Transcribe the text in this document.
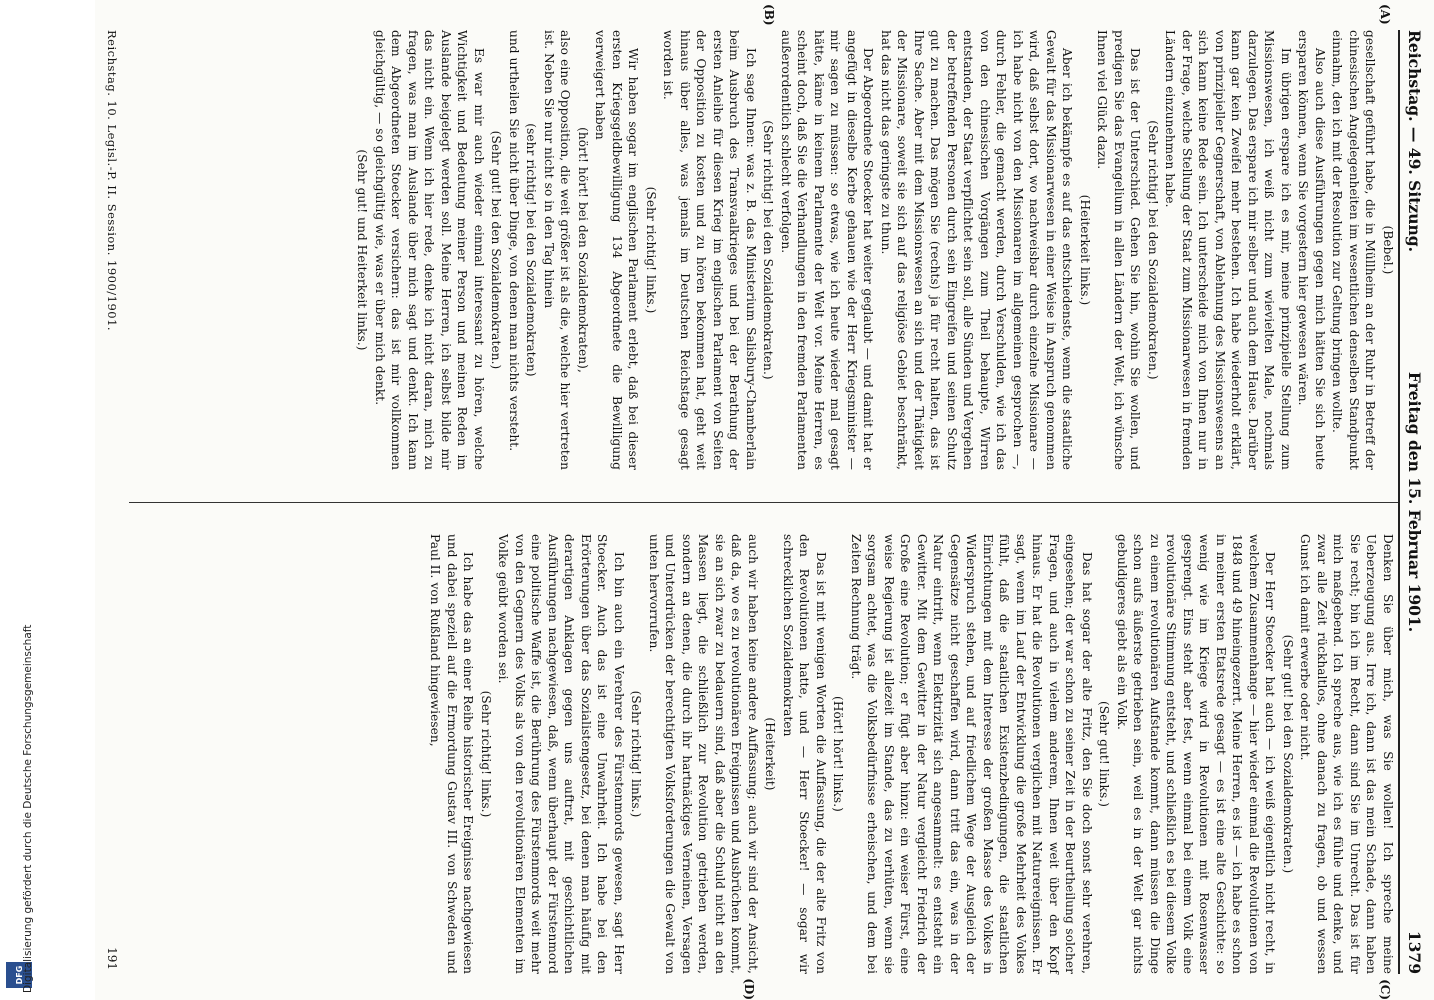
DFG
Digitalisierung gefördert durch die Deutsche Forschungsgemeinschaft
Reichstag. — 49. Sitzung.
Freitag den 15. Februar 1901.
1379
(A)
(B)
(C)
(D)

(Bebel.)

gesellschaft geführt habe, die in Müllheim an der Ruhr in Betreff der chinesischen Angelegenheiten im wesentlichen denselben Standpunkt einnahm, den ich mit der Resolution zur Geltung bringen wollte.

Also auch diese Ausführungen gegen mich hätten Sie sich heute ersparen können, wenn Sie vorgestern hier gewesen wären.

Im übrigen erspare ich es mir, meine prinzipielle Stellung zum Missionswesen, ich weiß nicht zum wievielten Male, nochmals darzulegen. Das erspare ich mir selber und auch dem Hause. Darüber kann gar kein Zweifel mehr bestehen. Ich habe wiederholt erklärt, von prinzipieller Gegnerschaft, von Ablehnung des Missionswesens an sich kann keine Rede sein. Ich unterscheide mich von Ihnen nur in der Frage, welche Stellung der Staat zum Missionarwesen in fremden Ländern einzunehmen habe.

(Sehr richtig! bei den Sozialdemokraten.)

Das ist der Unterschied. Gehen Sie hin, wohin Sie wollen, und predigen Sie das Evangelium in allen Ländern der Welt, ich wünsche Ihnen viel Glück dazu.

(Heiterkeit links.)

Aber ich bekämpfe es auf das entschiedenste, wenn die staatliche Gewalt für das Missionarwesen in einer Weise in Anspruch genommen wird, daß selbst dort, wo nachweisbar durch einzelne Missionare — ich habe nicht von den Missionaren im allgemeinen gesprochen —, durch Fehler, die gemacht werden, durch Verschulden, wie ich das von den chinesischen Vorgängen zum Theil behaupte, Wirren entstanden, der Staat verpflichtet sein soll, alle Sünden und Vergehen der betreffenden Personen durch sein Eingreifen und seinen Schutz gut zu machen. Das mögen Sie (rechts) ja für recht halten, das ist Ihre Sache. Aber mit dem Missionswesen an sich und der Thätigkeit der Missionare, soweit sie sich auf das religiöse Gebiet beschränkt, hat das nicht das geringste zu thun.

Der Abgeordnete Stoecker hat weiter geglaubt — und damit hat er angefügt in dieselbe Kerbe gehauen wie der Herr Kriegsminister — mir sagen zu müssen: so etwas, wie ich heute wieder mal gesagt hätte, käme in keinem Parlamente der Welt vor. Meine Herren, es scheint doch, daß Sie die Verhandlungen in den fremden Parlamenten außerordentlich schlecht verfolgen.

(Sehr richtig! bei den Sozialdemokraten.)

Ich sage Ihnen: was z. B. das Ministerium Salisbury-Chamberlain beim Ausbruch des Transvaalkrieges und bei der Berathung der ersten Anleihe für diesen Krieg im englischen Parlament von Seiten der Opposition zu kosten und zu hören bekommen hat, geht weit hinaus über alles, was jemals im Deutschen Reichstage gesagt worden ist.

(Sehr richtig! links.)

Wir haben sogar im englischen Parlament erlebt, daß bei dieser ersten Kriegsgeldbewilligung 134 Abgeordnete die Bewilligung verweigert haben

(hört! hört! bei den Sozialdemokraten),

also eine Opposition, die weit größer ist als die, welche hier vertreten ist. Neben Sie nur nicht so in den Tag hinein

(sehr richtig! bei den Sozialdemokraten)

und urtheilen Sie nicht über Dinge, von denen man nichts versteht.

(Sehr gut! bei den Sozialdemokraten.)

Es war mir auch wieder einmal interessant zu hören, welche Wichtigkeit und Bedeutung meiner Person und meinen Reden im Auslande beigelegt werden soll. Meine Herren, ich selbst bilde mir das nicht ein. Wenn ich hier rede, denke ich nicht daran, mich zu fragen, was man im Auslande über mich sagt und denkt. Ich kann dem Abgeordneten Stoecker versichern: das ist mir vollkommen gleichgültig, — so gleichgültig wie, was er über mich denkt.

(Sehr gut! und Heiterkeit links.)

Denken Sie über mich, was Sie wollen! Ich spreche meine Ueberzeugung aus. Irre ich, dann ist das mein Schade, dann haben Sie recht; bin ich im Recht, dann sind Sie im Unrecht. Das ist für mich maßgebend. Ich spreche aus, wie ich es fühle und denke, und zwar alle Zeit rückhaltlos, ohne danach zu fragen, ob und wessen Gunst ich damit erwerbe oder nicht.

(Sehr gut! bei den Sozialdemokraten.)

Der Herr Stoecker hat auch — ich weiß eigentlich nicht recht, in welchem Zusammenhange — hier wieder einmal die Revolutionen von 1848 und 49 hineingezerrt. Meine Herren, es ist — ich habe es schon in meiner ersten Etatsrede gesagt — es ist eine alte Geschichte: so wenig wie im Kriege wird in Revolutionen mit Rosenwasser gesprengt. Eins steht aber fest, wenn einmal bei einem Volk eine revolutionäre Stimmung entsteht, und schließlich es bei diesem Volke zu einem revolutionären Aufstande kommt, dann müssen die Dinge schon aufs äußerste getrieben sein, weil es in der Welt gar nichts gebuldigeres giebt als ein Volk.

(Sehr gut! links.)

Das hat sogar der alte Fritz, den Sie doch sonst sehr verehren, eingesehen; der war schon zu seiner Zeit in der Beurtheilung solcher Fragen, und auch in vielem anderem, Ihnen weit über den Kopf hinaus. Er hat die Revolutionen verglichen mit Naturereignissen. Er sagt, wenn im Lauf der Entwicklung die große Mehrheit des Volkes fühlt, daß die staatlichen Existenzbedingungen, die staatlichen Einrichtungen mit dem Interesse der großen Masse des Volkes in Widerspruch stehen, und auf friedlichem Wege der Ausgleich der Gegensätze nicht geschaffen wird, dann tritt das ein, was in der Natur eintritt, wenn Elektrizität sich angesammelt: es entsteht ein Gewitter. Mit dem Gewitter in der Natur vergleicht Friedrich der Große eine Revolution; er fügt aber hinzu: ein weiser Fürst, eine weise Regierung ist allezeit im Stande, das zu verhüten, wenn sie sorgsam achtet, was die Volksbedürfnisse erheischen, und dem bei Zeiten Rechnung trägt.

(Hört! hört! links.)

Das ist mit wenigen Worten die Auffassung, die der alte Fritz von den Revolutionen hatte, und — Herr Stoecker! — sogar wir schrecklichen Sozialdemokraten

(Heiterkeit)

auch wir haben keine andere Auffassung; auch wir sind der Ansicht, daß da, wo es zu revolutionären Ereignissen und Ausbrüchen kommt, sie an sich zwar zu bedauern sind, daß aber die Schuld nicht an den Massen liegt, die schließlich zur Revolution getrieben werden, sondern an denen, die durch ihr hartnäckiges Verneinen, Versagen und Unterdrücken der berechtigten Volksforderungen die Gewalt von unten hervorrufen.

(Sehr richtig! links.)

Ich bin auch ein Verehrer des Fürstenmords gewesen, sagt Herr Stoecker. Auch das ist eine Unwahrheit. Ich habe bei den Erörterungen über das Sozialistengesetz, bei denen man häufig mit derartigen Anklagen gegen uns auftrat, mit geschichtlichen Ausführungen nachgewiesen, daß, wenn überhaupt der Fürstenmord eine politische Waffe ist, die Berührung des Fürstenmords weit mehr von den Gegnern des Volks als von den revolutionären Elementen im Volke geübt worden sei.

(Sehr richtig! links.)

Ich habe das an einer Reihe historischer Ereignisse nachgewiesen und dabei speziell auf die Ermordung Gustav III. von Schweden und Paul II. von Rußland hingewiesen,

Reichstag. 10. Legisl.-P. II. Session. 1900/1901.
191
